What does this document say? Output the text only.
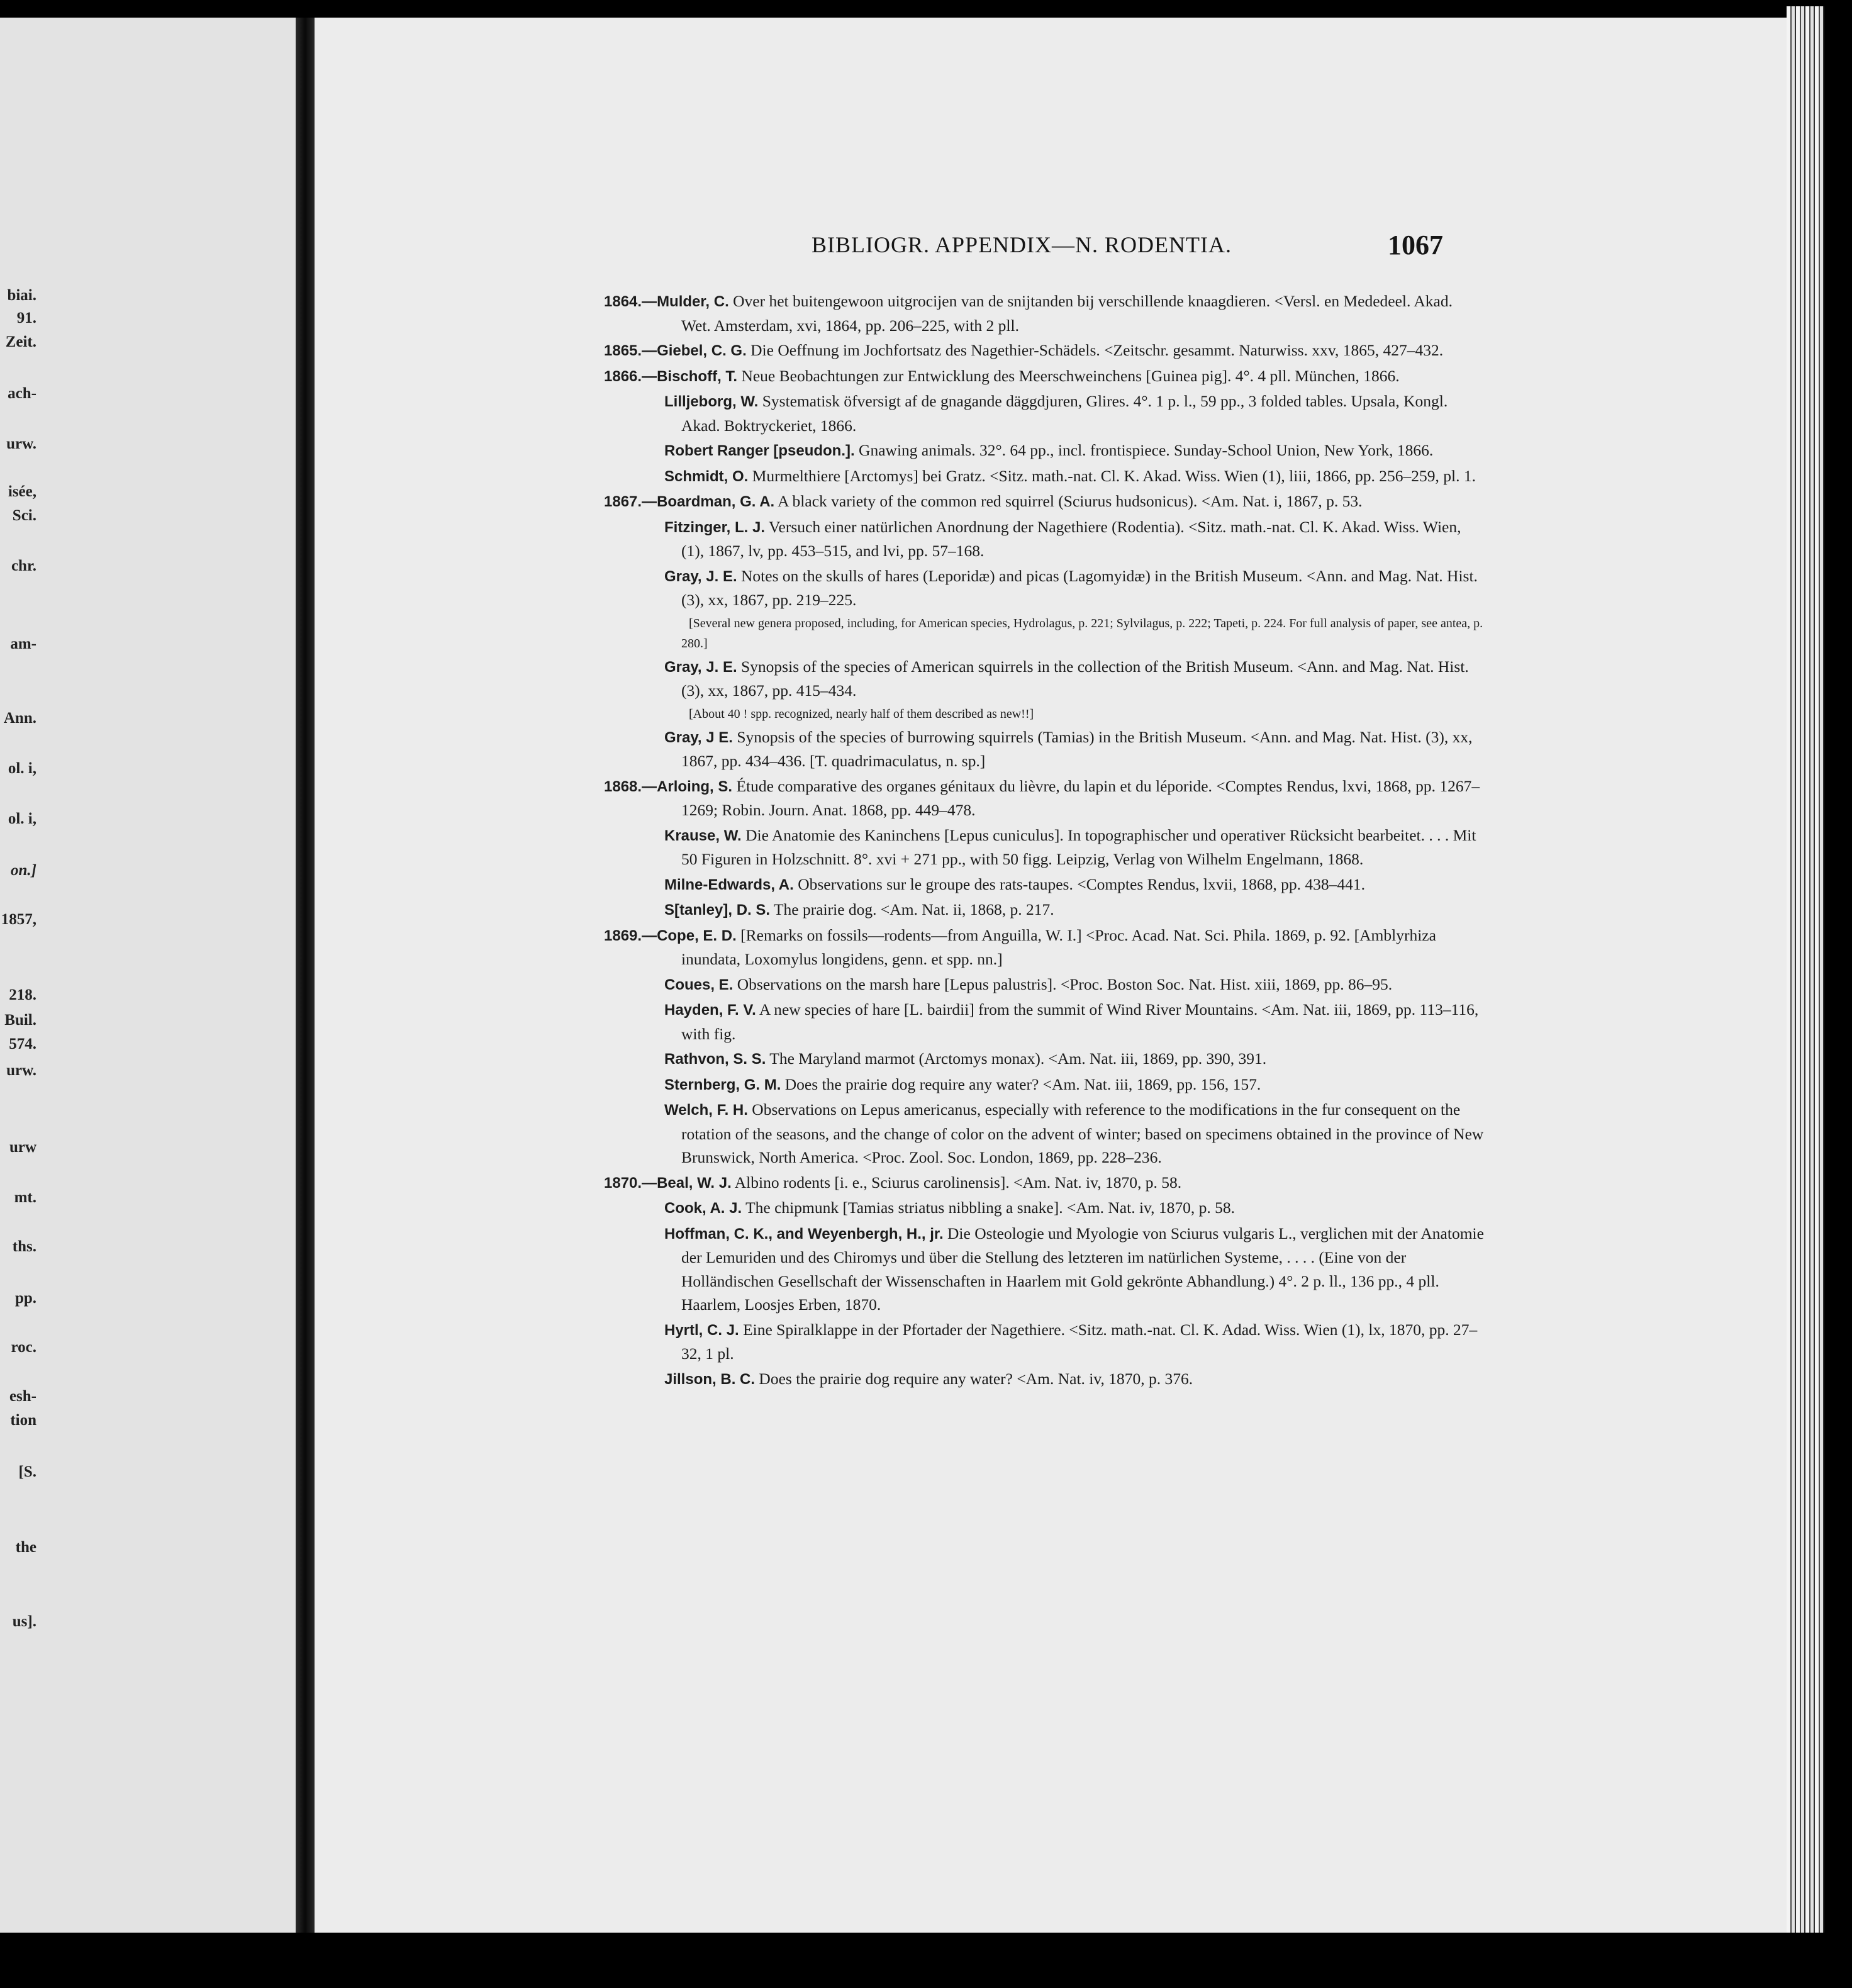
biai.
91.
Zeit.
ach-
urw.
isée,
Sci.
chr.
am-
Ann.
ol. i,
ol. i,
on.]
1857,
218.
Buil.
574.
urw.
urw
mt.
ths.
pp.
roc.
esh-
tion
[S.
the
us].
BIBLIOGR. APPENDIX—N. RODENTIA.	1067
1864.—Mulder, C. Over het buitengewoon uitgrocijen van de snijtanden bij verschillende knaagdieren. <Versl. en Mededeel. Akad. Wet. Amsterdam, xvi, 1864, pp. 206–225, with 2 pll.
1865.—Giebel, C. G. Die Oeffnung im Jochfortsatz des Nagethier-Schädels. <Zeitschr. gesammt. Naturwiss. xxv, 1865, 427–432.
1866.—Bischoff, T. Neue Beobachtungen zur Entwicklung des Meerschweinchens [Guinea pig]. 4°. 4 pll. München, 1866.
Lilljeborg, W. Systematisk öfversigt af de gnagande däggdjuren, Glires. 4°. 1 p. l., 59 pp., 3 folded tables. Upsala, Kongl. Akad. Boktryckeriet, 1866.
Robert Ranger [pseudon.]. Gnawing animals. 32°. 64 pp., incl. frontispiece. Sunday-School Union, New York, 1866.
Schmidt, O. Murmelthiere [Arctomys] bei Gratz. <Sitz. math.-nat. Cl. K. Akad. Wiss. Wien (1), liii, 1866, pp. 256–259, pl. 1.
1867.—Boardman, G. A. A black variety of the common red squirrel (Sciurus hudsonicus). <Am. Nat. i, 1867, p. 53.
Fitzinger, L. J. Versuch einer natürlichen Anordnung der Nagethiere (Rodentia). <Sitz. math.-nat. Cl. K. Akad. Wiss. Wien, (1), 1867, lv, pp. 453–515, and lvi, pp. 57–168.
Gray, J. E. Notes on the skulls of hares (Leporidæ) and picas (Lagomyidæ) in the British Museum. <Ann. and Mag. Nat. Hist. (3), xx, 1867, pp. 219–225.
[Several new genera proposed, including, for American species, Hydrolagus, p. 221; Sylvilagus, p. 222; Tapeti, p. 224. For full analysis of paper, see antea, p. 280.]
Gray, J. E. Synopsis of the species of American squirrels in the collection of the British Museum. <Ann. and Mag. Nat. Hist. (3), xx, 1867, pp. 415–434.
[About 40 ! spp. recognized, nearly half of them described as new!!]
Gray, J E. Synopsis of the species of burrowing squirrels (Tamias) in the British Museum. <Ann. and Mag. Nat. Hist. (3), xx, 1867, pp. 434–436. [T. quadrimaculatus, n. sp.]
1868.—Arloing, S. Étude comparative des organes génitaux du lièvre, du lapin et du léporide. <Comptes Rendus, lxvi, 1868, pp. 1267–1269; Robin. Journ. Anat. 1868, pp. 449–478.
Krause, W. Die Anatomie des Kaninchens [Lepus cuniculus]. In topographischer und operativer Rücksicht bearbeitet. . . . Mit 50 Figuren in Holzschnitt. 8°. xvi + 271 pp., with 50 figg. Leipzig, Verlag von Wilhelm Engelmann, 1868.
Milne-Edwards, A. Observations sur le groupe des rats-taupes. <Comptes Rendus, lxvii, 1868, pp. 438–441.
S[tanley], D. S. The prairie dog. <Am. Nat. ii, 1868, p. 217.
1869.—Cope, E. D. [Remarks on fossils—rodents—from Anguilla, W. I.] <Proc. Acad. Nat. Sci. Phila. 1869, p. 92. [Amblyrhiza inundata, Loxomylus longidens, genn. et spp. nn.]
Coues, E. Observations on the marsh hare [Lepus palustris]. <Proc. Boston Soc. Nat. Hist. xiii, 1869, pp. 86–95.
Hayden, F. V. A new species of hare [L. bairdii] from the summit of Wind River Mountains. <Am. Nat. iii, 1869, pp. 113–116, with fig.
Rathvon, S. S. The Maryland marmot (Arctomys monax). <Am. Nat. iii, 1869, pp. 390, 391.
Sternberg, G. M. Does the prairie dog require any water? <Am. Nat. iii, 1869, pp. 156, 157.
Welch, F. H. Observations on Lepus americanus, especially with reference to the modifications in the fur consequent on the rotation of the seasons, and the change of color on the advent of winter; based on specimens obtained in the province of New Brunswick, North America. <Proc. Zool. Soc. London, 1869, pp. 228–236.
1870.—Beal, W. J. Albino rodents [i. e., Sciurus carolinensis]. <Am. Nat. iv, 1870, p. 58.
Cook, A. J. The chipmunk [Tamias striatus nibbling a snake]. <Am. Nat. iv, 1870, p. 58.
Hoffman, C. K., and Weyenbergh, H., jr. Die Osteologie und Myologie von Sciurus vulgaris L., verglichen mit der Anatomie der Lemuriden und des Chiromys und über die Stellung des letzteren im natürlichen Systeme, . . . . (Eine von der Holländischen Gesellschaft der Wissenschaften in Haarlem mit Gold gekrönte Abhandlung.) 4°. 2 p. ll., 136 pp., 4 pll. Haarlem, Loosjes Erben, 1870.
Hyrtl, C. J. Eine Spiralklappe in der Pfortader der Nagethiere. <Sitz. math.-nat. Cl. K. Adad. Wiss. Wien (1), lx, 1870, pp. 27–32, 1 pl.
Jillson, B. C. Does the prairie dog require any water? <Am. Nat. iv, 1870, p. 376.
